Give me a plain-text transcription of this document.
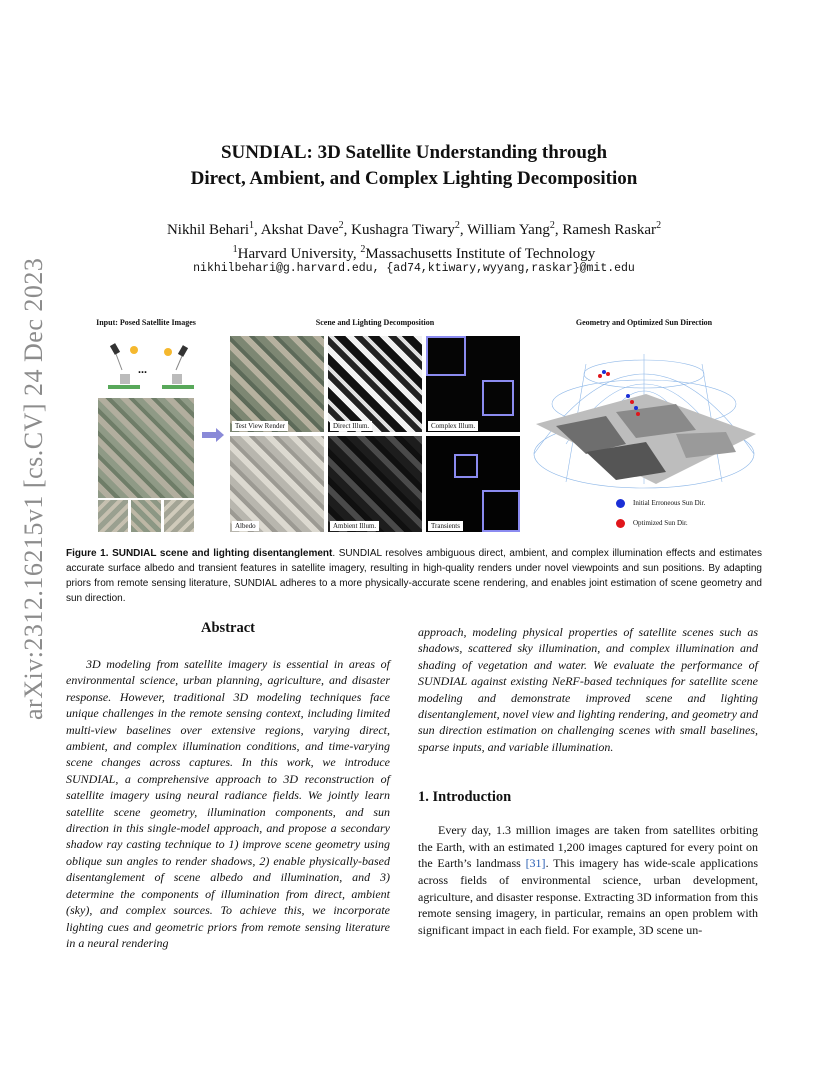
arXiv:2312.16215v1 [cs.CV] 24 Dec 2023
SUNDIAL: 3D Satellite Understanding through
Direct, Ambient, and Complex Lighting Decomposition
Nikhil Behari$^1$, Akshat Dave$^2$, Kushagra Tiwary$^2$, William Yang$^2$, Ramesh Raskar$^2$
$^1$Harvard University, $^2$Massachusetts Institute of Technology
nikhilbehari@g.harvard.edu, {ad74,ktiwary,wyyang,raskar}@mit.edu
Input: Posed Satellite Images	Scene and Lighting Decomposition	Geometry and Optimized Sun Direction
...
Test View Render	Direct Illum.	Complex Illum.
Albedo	Ambient Illum.	Transients
Initial Erroneous Sun Dir.
Optimized Sun Dir.
Figure 1. SUNDIAL scene and lighting disentanglement. SUNDIAL resolves ambiguous direct, ambient, and complex illumination effects and estimates accurate surface albedo and transient features in satellite imagery, resulting in high-quality renders under novel viewpoints and sun positions. By adapting priors from remote sensing literature, SUNDIAL adheres to a more physically-accurate scene rendering, and enables joint estimation of scene geometry and sun direction.
Abstract

3D modeling from satellite imagery is essential in areas of environmental science, urban planning, agriculture, and disaster response. However, traditional 3D modeling techniques face unique challenges in the remote sensing context, including limited multi-view baselines over extensive regions, varying direct, ambient, and complex illumination conditions, and time-varying scene changes across captures. In this work, we introduce SUNDIAL, a comprehensive approach to 3D reconstruction of satellite imagery using neural radiance fields. We jointly learn satellite scene geometry, illumination components, and sun direction in this single-model approach, and propose a secondary shadow ray casting technique to 1) improve scene geometry using oblique sun angles to render shadows, 2) enable physically-based disentanglement of scene albedo and illumination, and 3) determine the components of illumination from direct, ambient (sky), and complex sources. To achieve this, we incorporate lighting cues and geometric priors from remote sensing literature in a neural rendering

approach, modeling physical properties of satellite scenes such as shadows, scattered sky illumination, and complex illumination and shading of vegetation and water. We evaluate the performance of SUNDIAL against existing NeRF-based techniques for satellite scene modeling and demonstrate improved scene and lighting disentanglement, novel view and lighting rendering, and geometry and sun direction estimation on challenging scenes with small baselines, sparse inputs, and variable illumination.

1. Introduction

Every day, 1.3 million images are taken from satellites orbiting the Earth, with an estimated 1,200 images captured for every point on the Earth’s landmass [31]. This imagery has wide-scale applications across fields of environmental science, urban development, agriculture, and disaster response. Extracting 3D information from this remote sensing imagery, in particular, remains an open problem with significant impact in each field. For example, 3D scene un-
